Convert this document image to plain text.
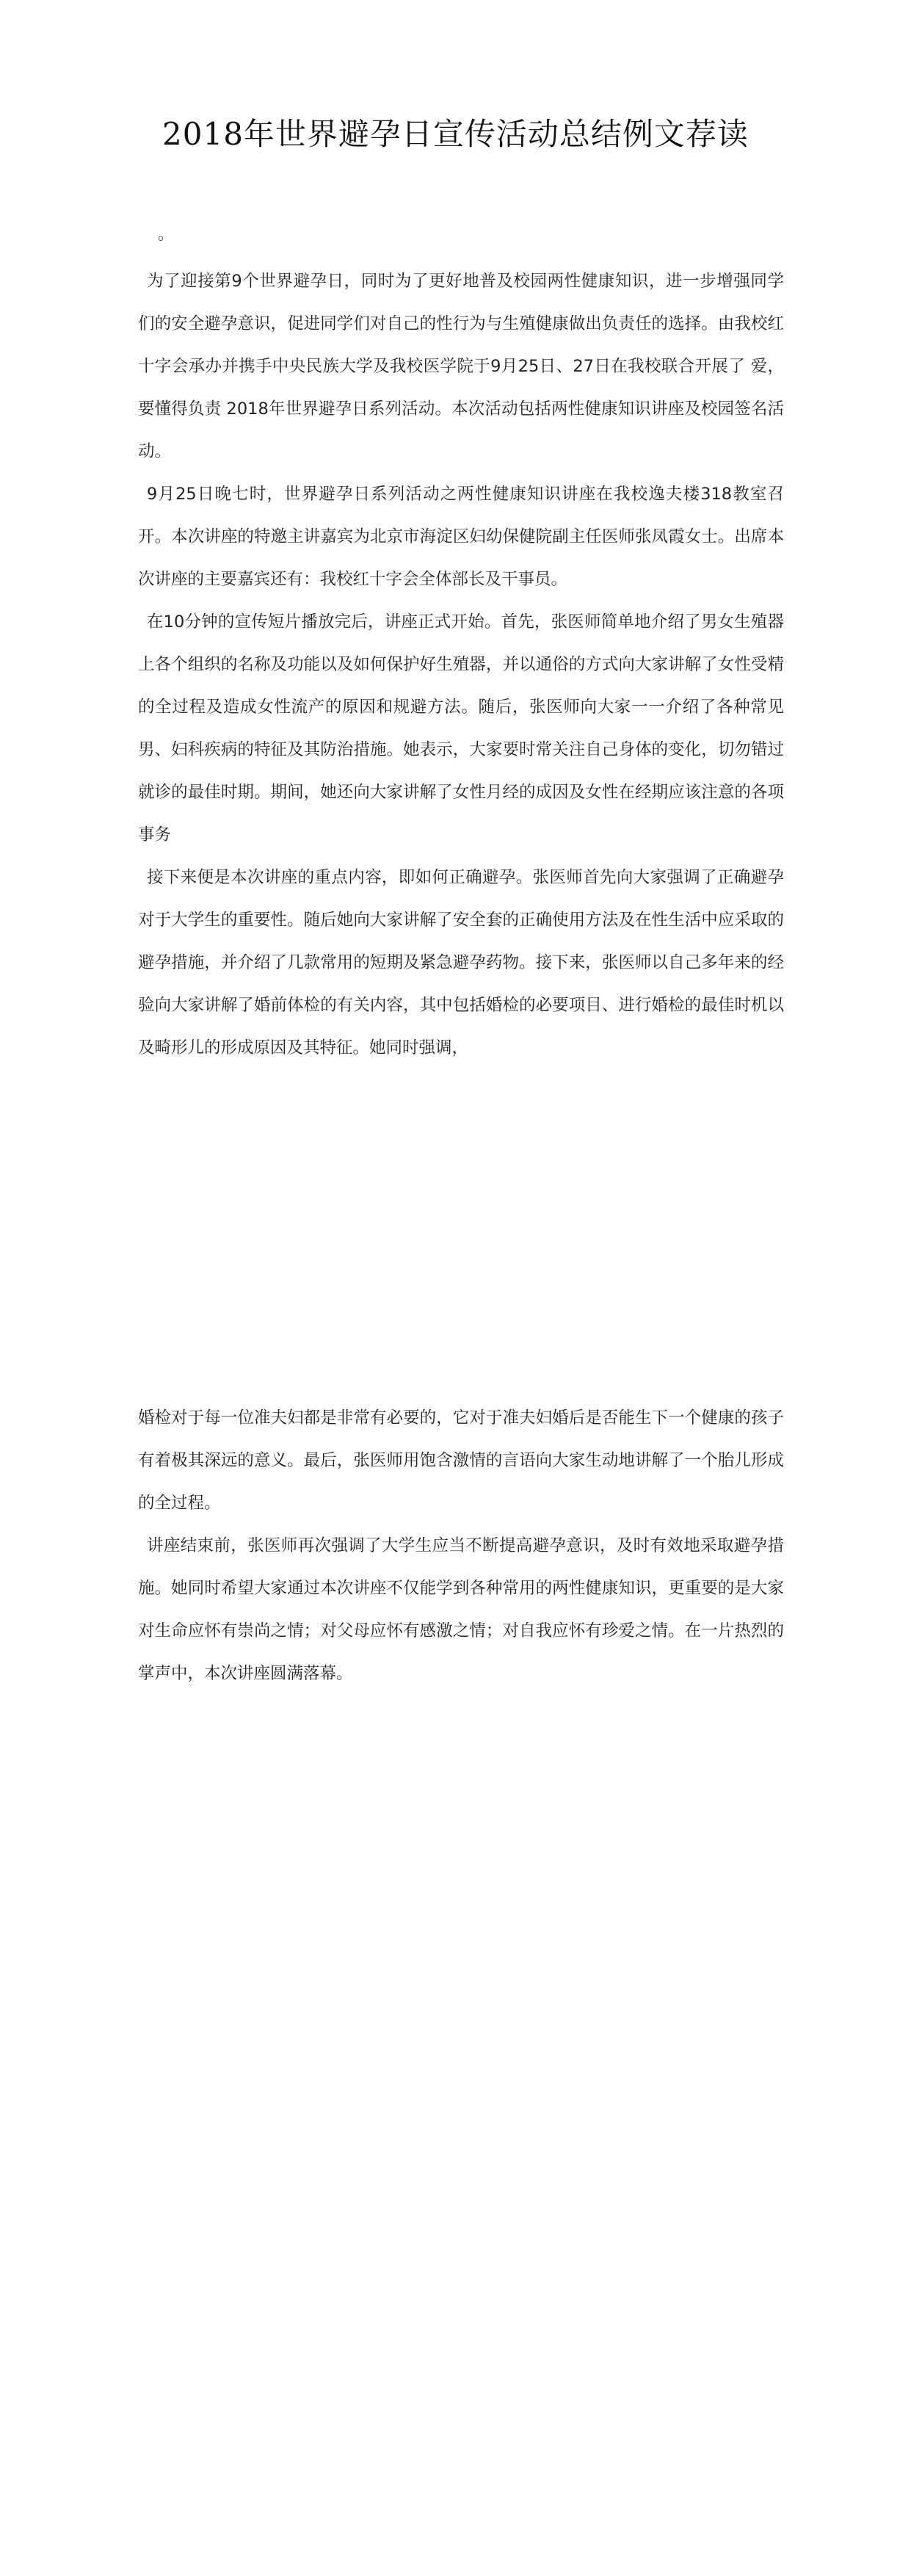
2018年世界避孕日宣传活动总结例文荐读
。

为了迎接第9个世界避孕日，同时为了更好地普及校园两性健康知识，进一步增强同学们的安全避孕意识，促进同学们对自己的性行为与生殖健康做出负责任的选择。由我校红十字会承办并携手中央民族大学及我校医学院于9月25日、27日在我校联合开展了 爱，要懂得负责 2018年世界避孕日系列活动。本次活动包括两性健康知识讲座及校园签名活动。

9月25日晚七时，世界避孕日系列活动之两性健康知识讲座在我校逸夫楼318教室召开。本次讲座的特邀主讲嘉宾为北京市海淀区妇幼保健院副主任医师张凤霞女士。出席本次讲座的主要嘉宾还有：我校红十字会全体部长及干事员。

在10分钟的宣传短片播放完后，讲座正式开始。首先，张医师简单地介绍了男女生殖器上各个组织的名称及功能以及如何保护好生殖器，并以通俗的方式向大家讲解了女性受精的全过程及造成女性流产的原因和规避方法。随后，张医师向大家一一介绍了各种常见男、妇科疾病的特征及其防治措施。她表示，大家要时常关注自己身体的变化，切勿错过就诊的最佳时期。期间，她还向大家讲解了女性月经的成因及女性在经期应该注意的各项事务

接下来便是本次讲座的重点内容，即如何正确避孕。张医师首先向大家强调了正确避孕对于大学生的重要性。随后她向大家讲解了安全套的正确使用方法及在性生活中应采取的避孕措施，并介绍了几款常用的短期及紧急避孕药物。接下来，张医师以自己多年来的经验向大家讲解了婚前体检的有关内容，其中包括婚检的必要项目、进行婚检的最佳时机以及畸形儿的形成原因及其特征。她同时强调，

婚检对于每一位准夫妇都是非常有必要的，它对于准夫妇婚后是否能生下一个健康的孩子有着极其深远的意义。最后，张医师用饱含激情的言语向大家生动地讲解了一个胎儿形成的全过程。

讲座结束前，张医师再次强调了大学生应当不断提高避孕意识，及时有效地采取避孕措施。她同时希望大家通过本次讲座不仅能学到各种常用的两性健康知识，更重要的是大家对生命应怀有崇尚之情；对父母应怀有感激之情；对自我应怀有珍爱之情。在一片热烈的掌声中，本次讲座圆满落幕。
